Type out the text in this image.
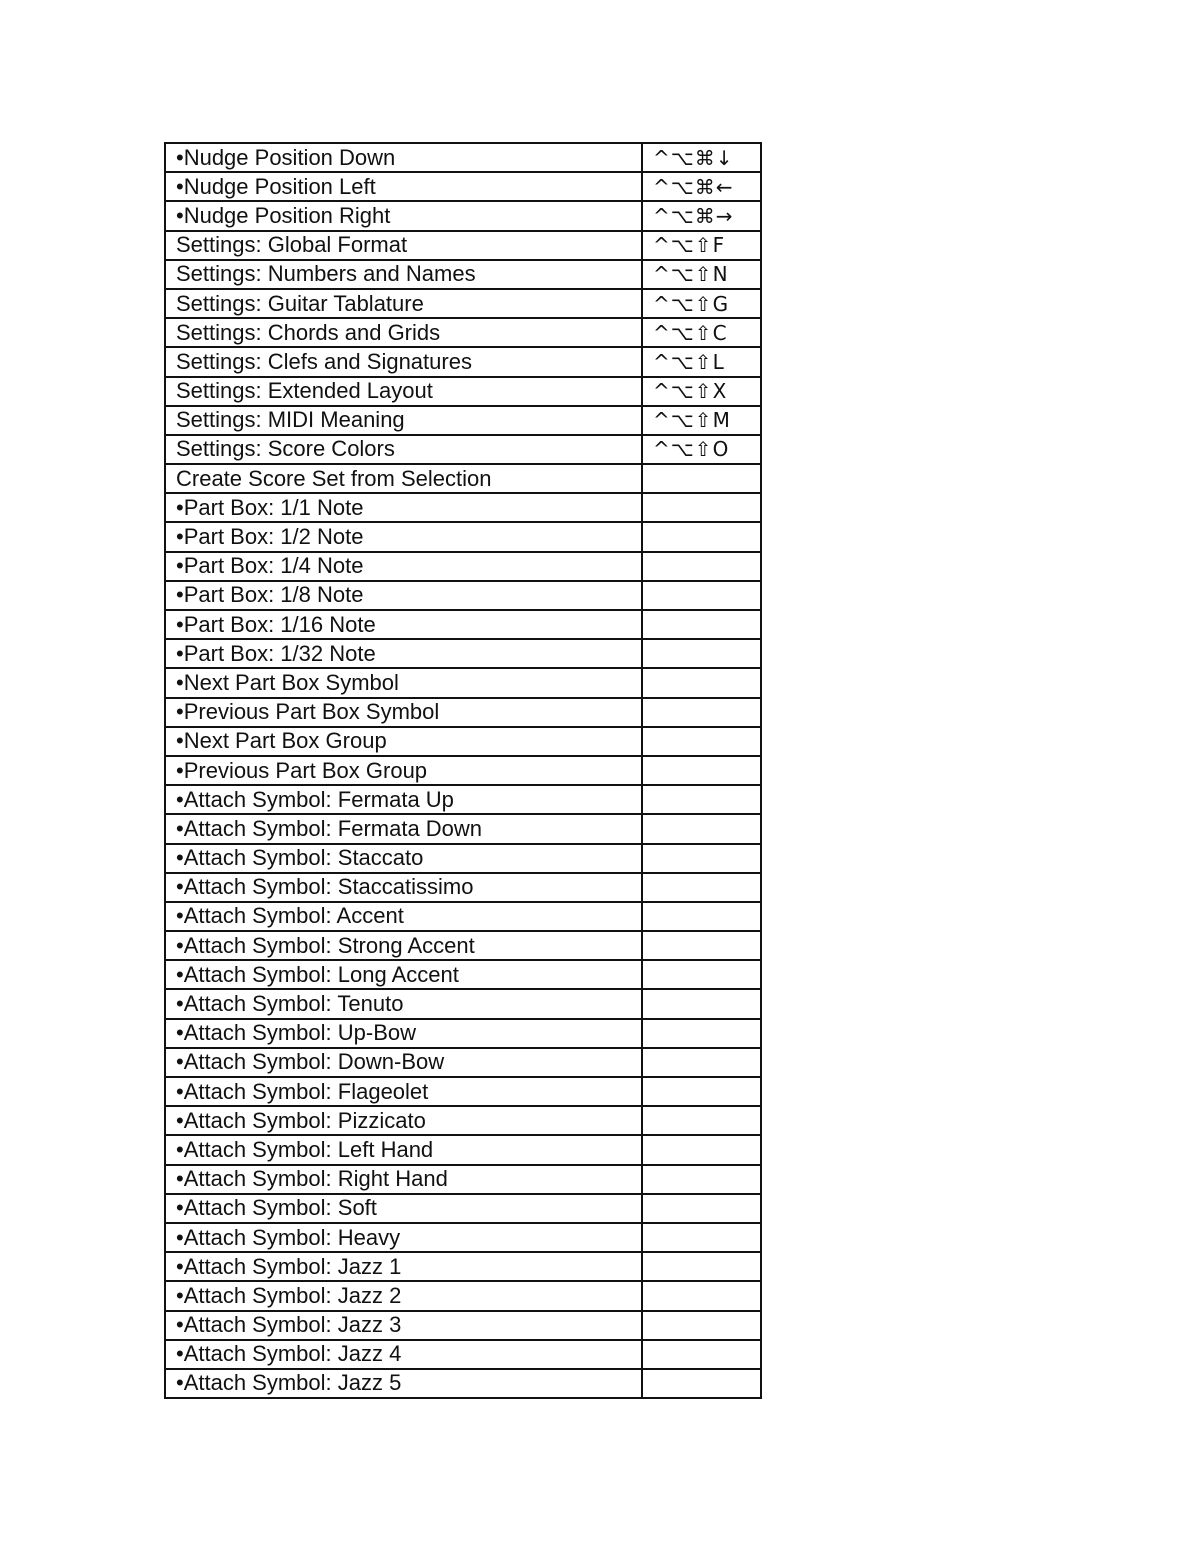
•Nudge Position Down	^⌥⌘↓
•Nudge Position Left	^⌥⌘←
•Nudge Position Right	^⌥⌘→
Settings: Global Format	^⌥⇧F
Settings: Numbers and Names	^⌥⇧N
Settings: Guitar Tablature	^⌥⇧G
Settings: Chords and Grids	^⌥⇧C
Settings: Clefs and Signatures	^⌥⇧L
Settings: Extended Layout	^⌥⇧X
Settings: MIDI Meaning	^⌥⇧M
Settings: Score Colors	^⌥⇧O
Create Score Set from Selection	
•Part Box: 1/1 Note	
•Part Box: 1/2 Note	
•Part Box: 1/4 Note	
•Part Box: 1/8 Note	
•Part Box: 1/16 Note	
•Part Box: 1/32 Note	
•Next Part Box Symbol	
•Previous Part Box Symbol	
•Next Part Box Group	
•Previous Part Box Group	
•Attach Symbol: Fermata Up	
•Attach Symbol: Fermata Down	
•Attach Symbol: Staccato	
•Attach Symbol: Staccatissimo	
•Attach Symbol: Accent	
•Attach Symbol: Strong Accent	
•Attach Symbol: Long Accent	
•Attach Symbol: Tenuto	
•Attach Symbol: Up-Bow	
•Attach Symbol: Down-Bow	
•Attach Symbol: Flageolet	
•Attach Symbol: Pizzicato	
•Attach Symbol: Left Hand	
•Attach Symbol: Right Hand	
•Attach Symbol: Soft	
•Attach Symbol: Heavy	
•Attach Symbol: Jazz 1	
•Attach Symbol: Jazz 2	
•Attach Symbol: Jazz 3	
•Attach Symbol: Jazz 4	
•Attach Symbol: Jazz 5	
